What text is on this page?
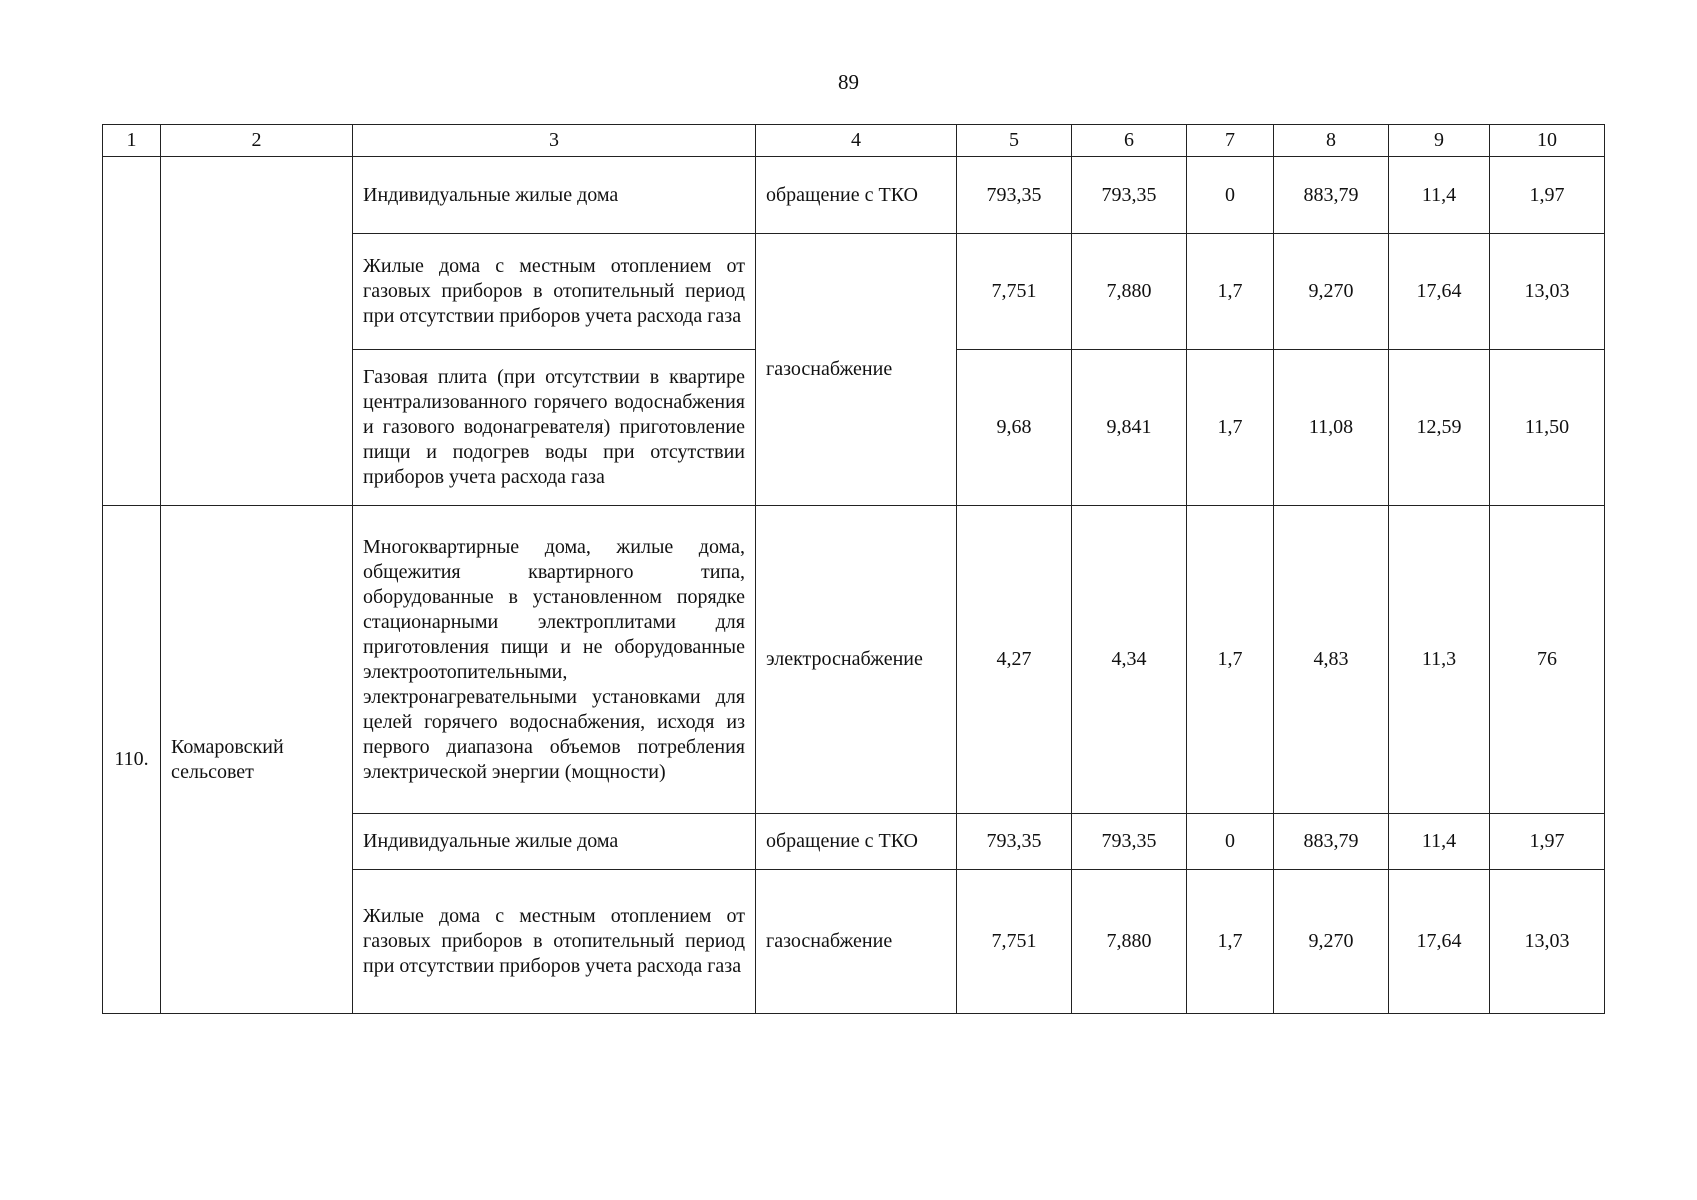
89
1	2	3	4	5	6	7	8	9	10
		Индивидуальные жилые дома	обращение с ТКО	793,35	793,35	0	883,79	11,4	1,97
		Жилые дома с местным отоплением от газовых приборов в отопительный период при отсутствии приборов учета расхода газа	газоснабжение	7,751	7,880	1,7	9,270	17,64	13,03
		Газовая плита (при отсутствии в квартире централизованного горячего водоснабжения и газового водонагревателя) приготовление пищи и подогрев воды при отсутствии приборов учета расхода газа		9,68	9,841	1,7	11,08	12,59	11,50
110.	Комаровский сельсовет	Многоквартирные дома, жилые дома, общежития квартирного типа, оборудованные в установленном порядке стационарными электроплитами для приготовления пищи и не оборудованные электроотопительными, электронагревательными установками для целей горячего водоснабжения, исходя из первого диапазона объемов потребления электрической энергии (мощности)	электроснабжение	4,27	4,34	1,7	4,83	11,3	76
		Индивидуальные жилые дома	обращение с ТКО	793,35	793,35	0	883,79	11,4	1,97
		Жилые дома с местным отоплением от газовых приборов в отопительный период при отсутствии приборов учета расхода газа	газоснабжение	7,751	7,880	1,7	9,270	17,64	13,03
